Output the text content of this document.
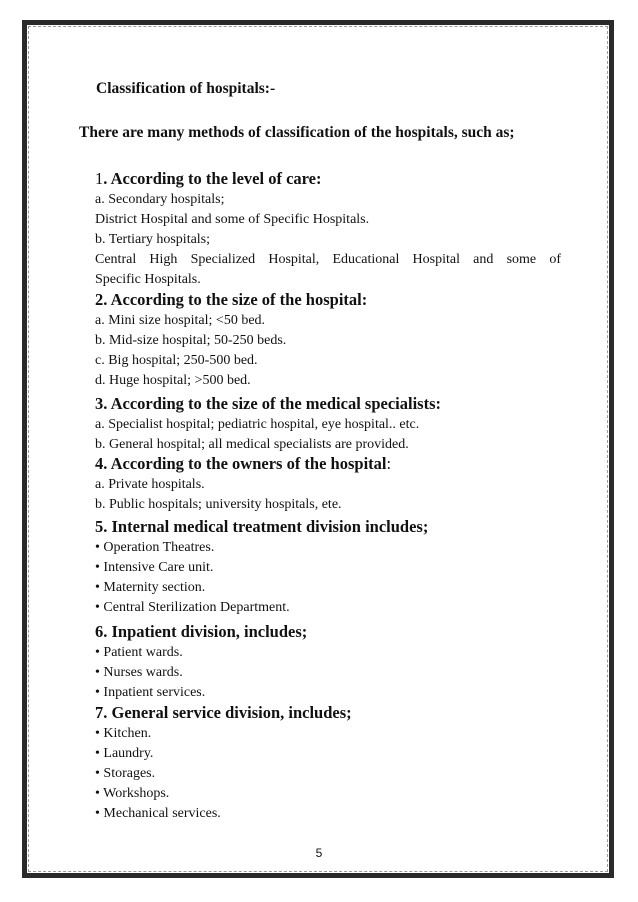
Classification of hospitals:-
There are many methods of classification of the hospitals, such as;
1. According to the level of care:
a. Secondary hospitals;
District Hospital and some of Specific Hospitals.
b. Tertiary hospitals;
Central High Specialized Hospital, Educational Hospital and some of
Specific Hospitals.
2. According to the size of the hospital:
a. Mini size hospital; <50 bed.
b. Mid-size hospital; 50-250 beds.
c. Big hospital; 250-500 bed.
d. Huge hospital; >500 bed.
3. According to the size of the medical specialists:
a. Specialist hospital; pediatric hospital, eye hospital.. etc.
b. General hospital; all medical specialists are provided.
4. According to the owners of the hospital:
a. Private hospitals.
b. Public hospitals; university hospitals, ete.
5. Internal medical treatment division includes;
• Operation Theatres.
• Intensive Care unit.
• Maternity section.
• Central Sterilization Department.
6. Inpatient division, includes;
• Patient wards.
• Nurses wards.
• Inpatient services.
7. General service division, includes;
• Kitchen.
• Laundry.
• Storages.
• Workshops.
• Mechanical services.
5
